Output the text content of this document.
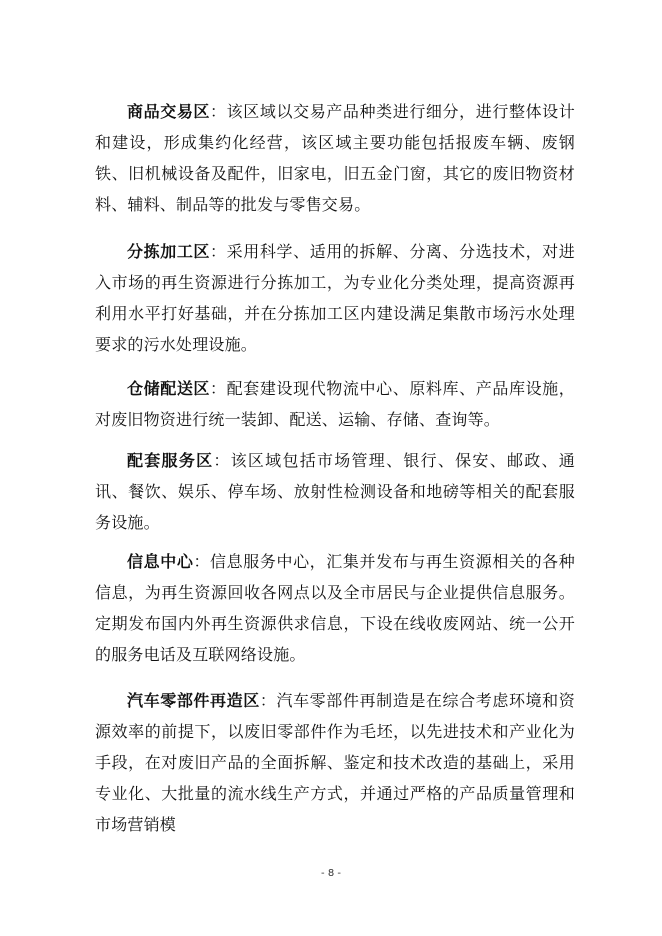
商品交易区：该区域以交易产品种类进行细分，进行整体设计和建设，形成集约化经营，该区域主要功能包括报废车辆、废钢铁、旧机械设备及配件，旧家电，旧五金门窗，其它的废旧物资材料、辅料、制品等的批发与零售交易。

分拣加工区：采用科学、适用的拆解、分离、分选技术，对进入市场的再生资源进行分拣加工，为专业化分类处理，提高资源再利用水平打好基础，并在分拣加工区内建设满足集散市场污水处理要求的污水处理设施。

仓储配送区：配套建设现代物流中心、原料库、产品库设施，对废旧物资进行统一装卸、配送、运输、存储、查询等。

配套服务区：该区域包括市场管理、银行、保安、邮政、通讯、餐饮、娱乐、停车场、放射性检测设备和地磅等相关的配套服务设施。

信息中心：信息服务中心，汇集并发布与再生资源相关的各种信息，为再生资源回收各网点以及全市居民与企业提供信息服务。定期发布国内外再生资源供求信息，下设在线收废网站、统一公开的服务电话及互联网络设施。

汽车零部件再造区：汽车零部件再制造是在综合考虑环境和资源效率的前提下，以废旧零部件作为毛坯，以先进技术和产业化为手段，在对废旧产品的全面拆解、鉴定和技术改造的基础上，采用专业化、大批量的流水线生产方式，并通过严格的产品质量管理和市场营销模

- 8 -
